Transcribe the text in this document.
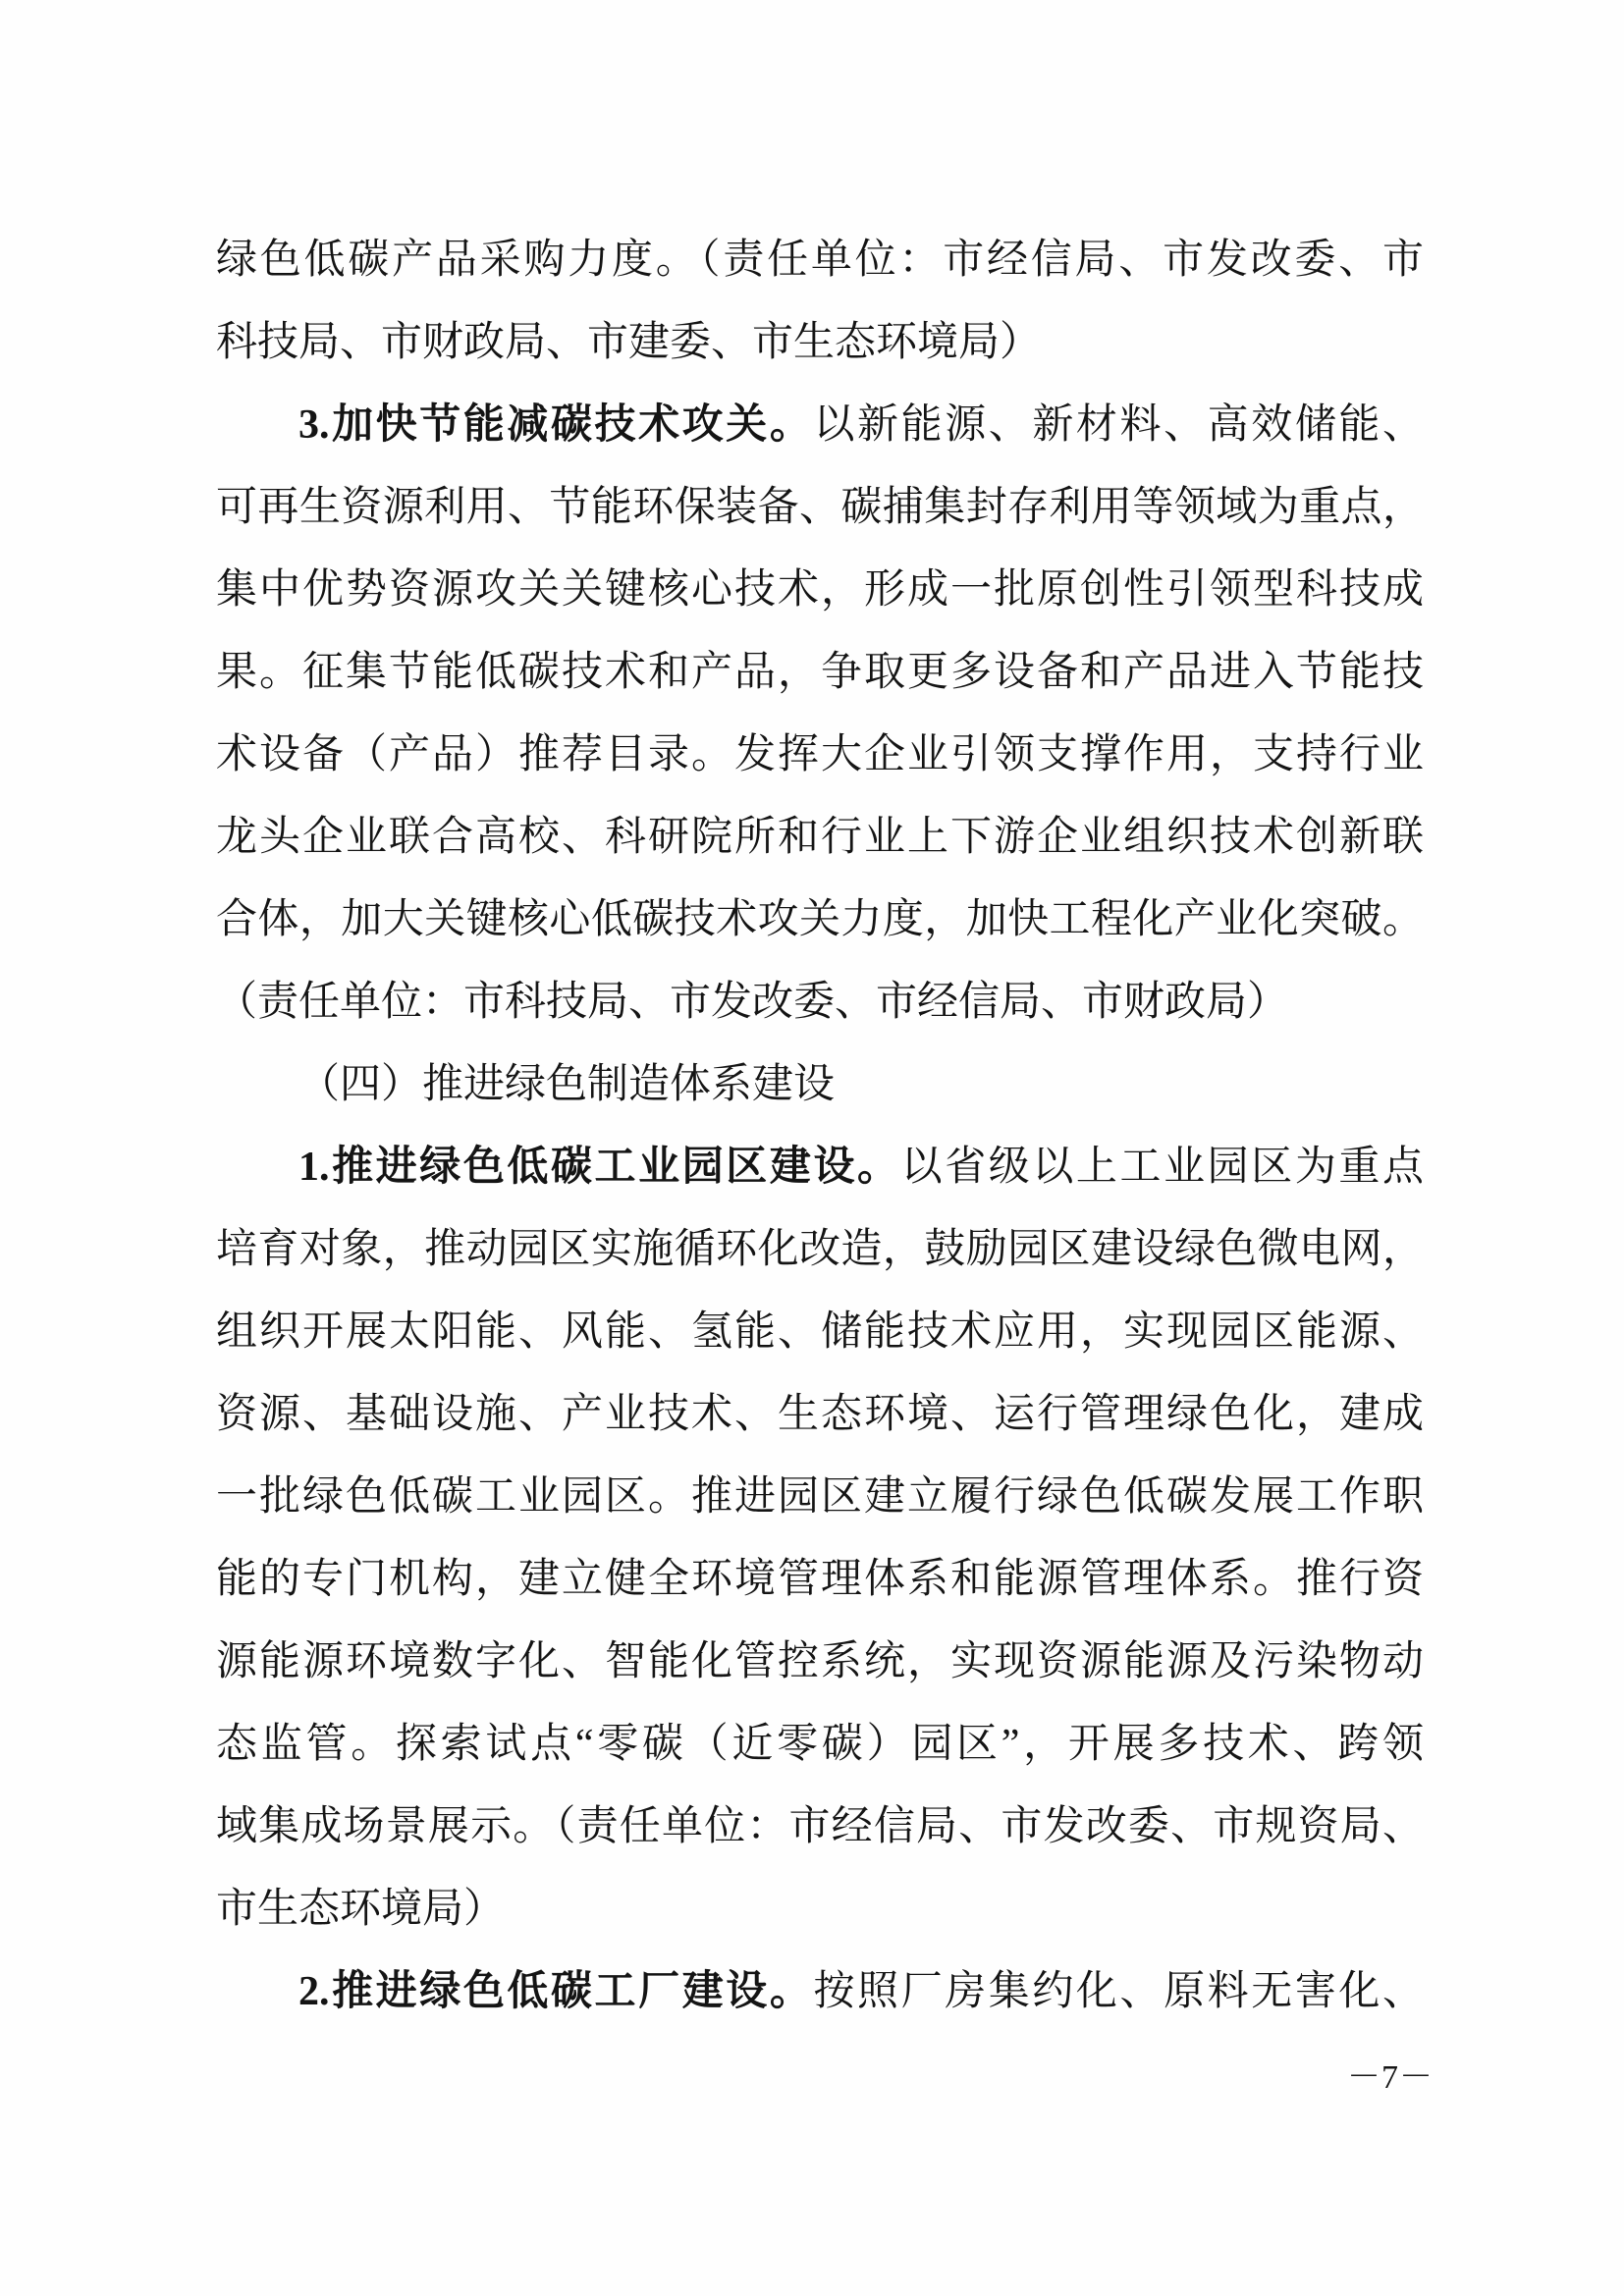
绿色低碳产品采购力度。（责任单位：市经信局、市发改委、市
科技局、市财政局、市建委、市生态环境局）
3.加快节能减碳技术攻关。以新能源、新材料、高效储能、
可再生资源利用、节能环保装备、碳捕集封存利用等领域为重点，
集中优势资源攻关关键核心技术，形成一批原创性引领型科技成
果。征集节能低碳技术和产品，争取更多设备和产品进入节能技
术设备（产品）推荐目录。发挥大企业引领支撑作用，支持行业
龙头企业联合高校、科研院所和行业上下游企业组织技术创新联
合体，加大关键核心低碳技术攻关力度，加快工程化产业化突破。
（责任单位：市科技局、市发改委、市经信局、市财政局）
（四）推进绿色制造体系建设
1.推进绿色低碳工业园区建设。以省级以上工业园区为重点
培育对象，推动园区实施循环化改造，鼓励园区建设绿色微电网，
组织开展太阳能、风能、氢能、储能技术应用，实现园区能源、
资源、基础设施、产业技术、生态环境、运行管理绿色化，建成
一批绿色低碳工业园区。推进园区建立履行绿色低碳发展工作职
能的专门机构，建立健全环境管理体系和能源管理体系。推行资
源能源环境数字化、智能化管控系统，实现资源能源及污染物动
态监管。探索试点“零碳（近零碳）园区”，开展多技术、跨领
域集成场景展示。（责任单位：市经信局、市发改委、市规资局、
市生态环境局）
2.推进绿色低碳工厂建设。按照厂房集约化、原料无害化、
－7－
